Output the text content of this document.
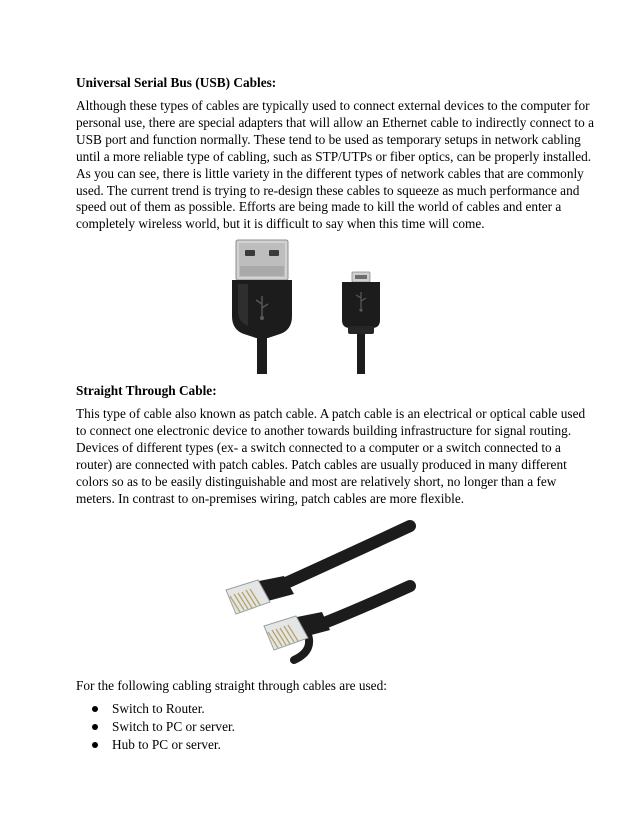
Universal Serial Bus (USB) Cables:
Although these types of cables are typically used to connect external devices to the computer for
personal use, there are special adapters that will allow an Ethernet cable to indirectly connect to a
USB port and function normally. These tend to be used as temporary setups in network cabling
until a more reliable type of cabling, such as STP/UTPs or fiber optics, can be properly installed.
As you can see, there is little variety in the different types of network cables that are commonly
used. The current trend is trying to re-design these cables to squeeze as much performance and
speed out of them as possible. Efforts are being made to kill the world of cables and enter a
completely wireless world, but it is difficult to say when this time will come.
Straight Through Cable:
This type of cable also known as patch cable. A patch cable is an electrical or optical cable used
to connect one electronic device to another towards building infrastructure for signal routing.
Devices of different types (ex- a switch connected to a computer or a switch connected to a
router) are connected with patch cables. Patch cables are usually produced in many different
colors so as to be easily distinguishable and most are relatively short, no longer than a few
meters. In contrast to on-premises wiring, patch cables are more flexible.
For the following cabling straight through cables are used:
Switch to Router.
Switch to PC or server.
Hub to PC or server.
